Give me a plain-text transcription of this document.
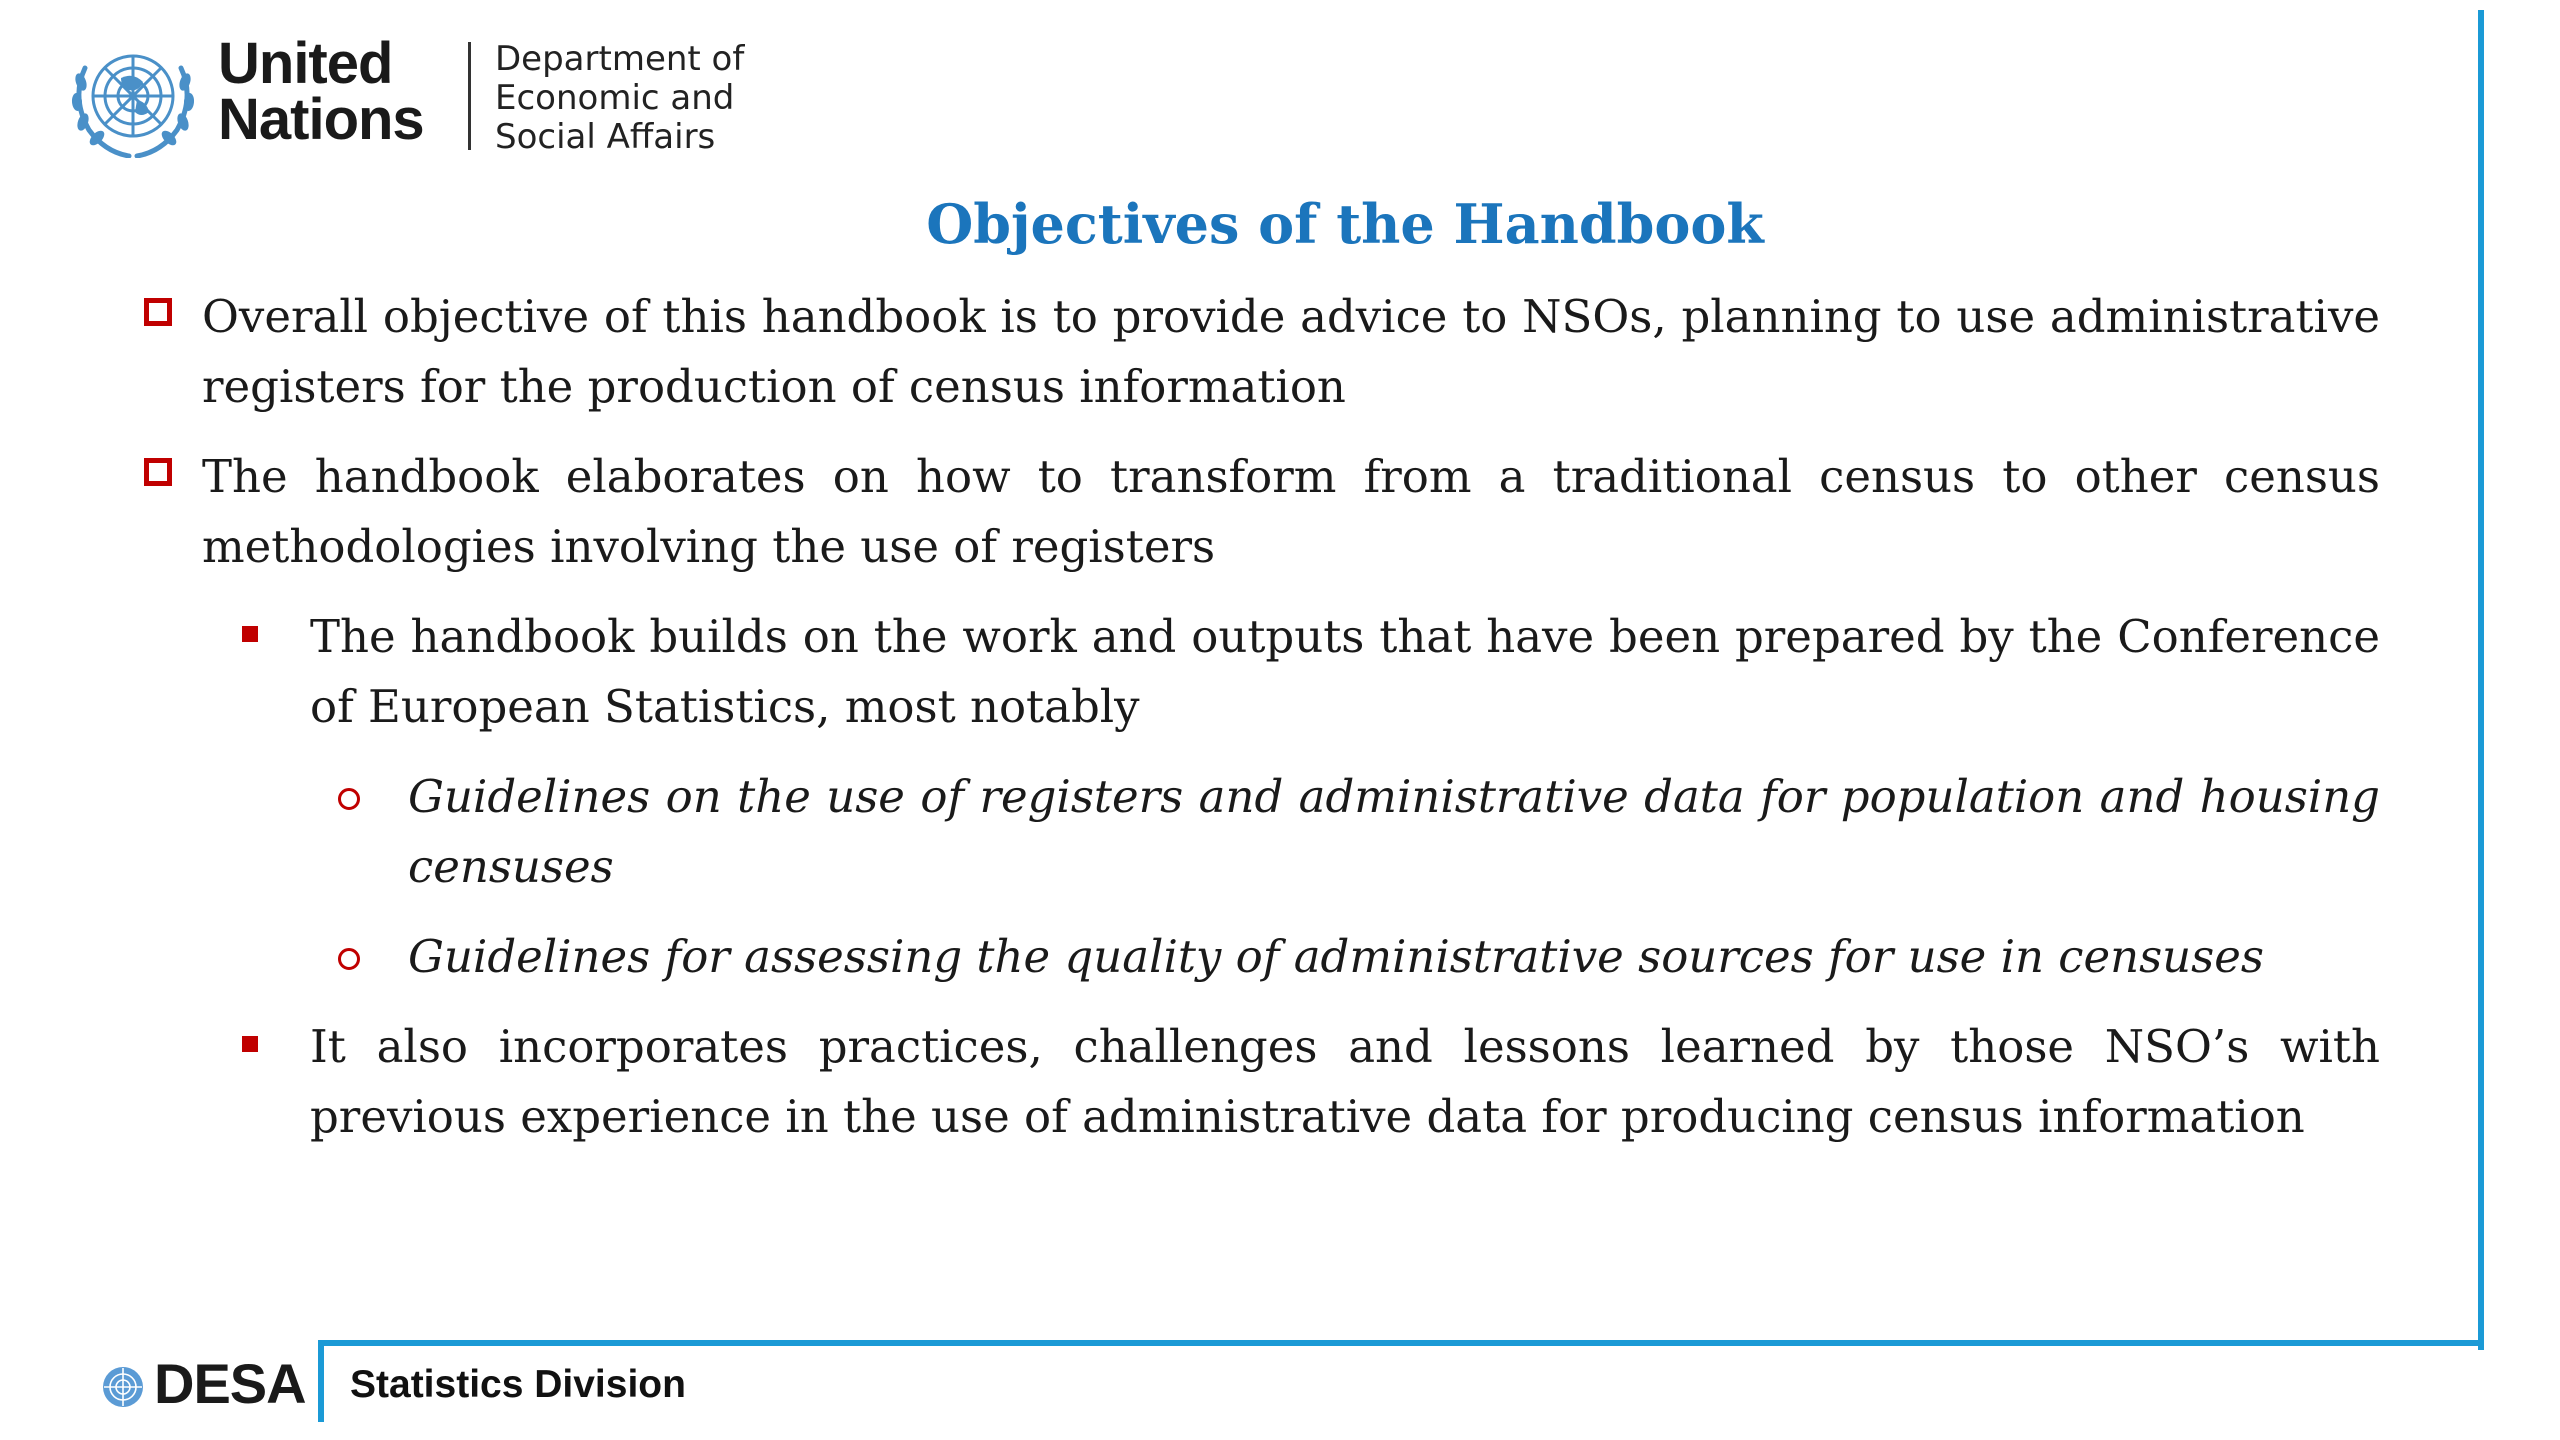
United
Nations
Department of
Economic and
Social Affairs
Objectives of the Handbook
Overall objective of this handbook is to provide advice to NSOs, planning to use administrative registers for the production of census information
The handbook elaborates on how to transform from a traditional census to other census methodologies involving the use of registers
The handbook builds on the work and outputs that have been prepared by the Conference of European Statistics, most notably
Guidelines on the use of registers and administrative data for population and housing censuses
Guidelines for assessing the quality of administrative sources for use in censuses
It also incorporates practices, challenges and lessons learned by those NSO’s with previous experience in the use of administrative data for producing census information
DESA Statistics Division
